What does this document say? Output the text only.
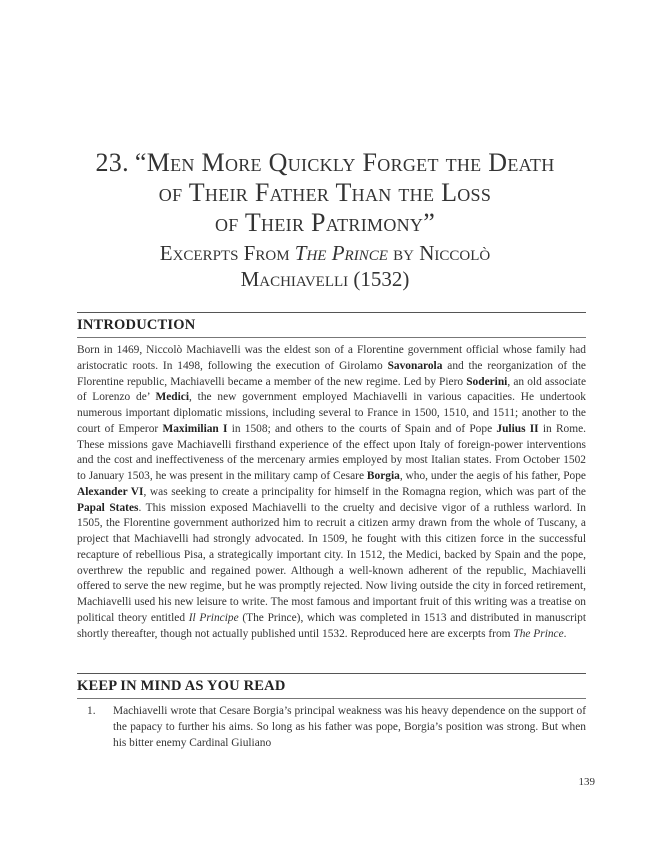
23. “Men More Quickly Forget the Death
of Their Father Than the Loss
of Their Patrimony”
Excerpts From The Prince by Niccolò
Machiavelli (1532)
INTRODUCTION

Born in 1469, Niccolò Machiavelli was the eldest son of a Florentine government official whose family had aristocratic roots. In 1498, following the execution of Girolamo Savonarola and the reorganization of the Florentine republic, Machiavelli became a member of the new regime. Led by Piero Soderini, an old associate of Lorenzo de’ Medici, the new government employed Machiavelli in various capacities. He undertook numerous important diplomatic missions, including several to France in 1500, 1510, and 1511; another to the court of Emperor Maximilian I in 1508; and others to the courts of Spain and of Pope Julius II in Rome. These missions gave Machiavelli firsthand experience of the effect upon Italy of foreign-power interventions and the cost and ineffectiveness of the mercenary armies employed by most Italian states. From October 1502 to January 1503, he was present in the military camp of Cesare Borgia, who, under the aegis of his father, Pope Alexander VI, was seeking to create a principality for himself in the Romagna region, which was part of the Papal States. This mission exposed Machiavelli to the cruelty and decisive vigor of a ruthless warlord. In 1505, the Florentine government authorized him to recruit a citizen army drawn from the whole of Tuscany, a project that Machiavelli had strongly advocated. In 1509, he fought with this citizen force in the successful recapture of rebellious Pisa, a strategically important city. In 1512, the Medici, backed by Spain and the pope, overthrew the republic and regained power. Although a well-known adherent of the republic, Machiavelli offered to serve the new regime, but he was promptly rejected. Now living outside the city in forced retirement, Machiavelli used his new leisure to write. The most famous and important fruit of this writing was a treatise on political theory entitled Il Principe (The Prince), which was completed in 1513 and distributed in manuscript shortly thereafter, though not actually published until 1532. Reproduced here are excerpts from The Prince.

KEEP IN MIND AS YOU READ
1. Machiavelli wrote that Cesare Borgia’s principal weakness was his heavy dependence on the support of the papacy to further his aims. So long as his father was pope, Borgia’s position was strong. But when his bitter enemy Cardinal Giuliano
139
